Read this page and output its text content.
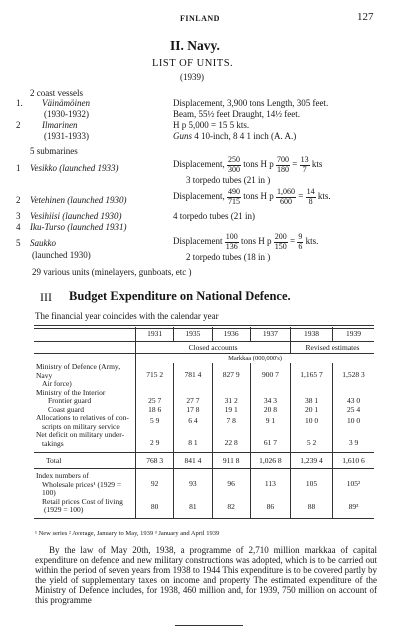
FINLAND	127
II. Navy.
LIST OF UNITS.
(1939)
2 coast vessels
1. Väinämöinen
(1930-1932)
Displacement, 3,900 tons Length, 305 feet.
Beam, 55½ feet Draught, 14½ feet.
2 Ilmarinen
(1931-1933)
H p 5,000 = 15 5 kts.
Guns 4 10-inch, 8 4 1 inch (A. A.)
5 submarines
1 Vesikko (launched 1933)	Displacement, $\frac{250}{300}$ tons H p $\frac{700}{180} = \frac{13}{7}$ kts
3 torpedo tubes (21 in )
2 Vetehinen (launched 1930)	Displacement, $\frac{490}{715}$ tons H p $\frac{1,060}{600} = \frac{14}{8}$ kts.
3 Vesihiisi (launched 1930)	4 torpedo tubes (21 in)
4 Iku-Turso (launched 1931)
5 Saukko
(launched 1930)
Displacement $\frac{100}{136}$ tons H p $\frac{200}{150} = \frac{9}{6}$ kts.
2 torpedo tubes (18 in )
29 various units (minelayers, gunboats, etc )
III Budget Expenditure on National Defence.
The financial year coincides with the calendar year
	1931	1935	1936	1937	1938	1939
	Closed accounts				Revised estimates	
	Markkaa (000,000's)					

Ministry of Defence (Army, Navy
Air force)	715 2	781 4	827 9	900 7	1,165 7	1,528 3
Ministry of the Interior						
Frontier guard	25 7	27 7	31 2	34 3	38 1	43 0
Coast guard	18 6	17 8	19 1	20 8	20 1	25 4

Allocations to relatives of con-
scripts on military service	5 9	6 4	7 8	9 1	10 0	10 0

Net deficit on military under-
takings	2 9	8 1	22 8	61 7	5 2	3 9
Total	768 3	841 4	911 8	1,026 8	1,239 4	1,610 6

Index numbers of
Wholesale prices¹ (1929 = 100)	92	93	96	113	105	105²

Retail prices Cost of living
(1929 = 100)	80	81	82	86	88	89³
¹ New series ² Average, January to May, 1939 ³ January and April 1939

By the law of May 20th, 1938, a programme of 2,710 million markkaa of capital expenditure on defence and new military constructions was adopted, which is to be carried out within the period of seven years from 1938 to 1944 This expenditure is to be covered partly by the yield of supplementary taxes on income and property The estimated expenditure of the Ministry of Defence includes, for 1938, 460 million and, for 1939, 750 million on account of this programme
